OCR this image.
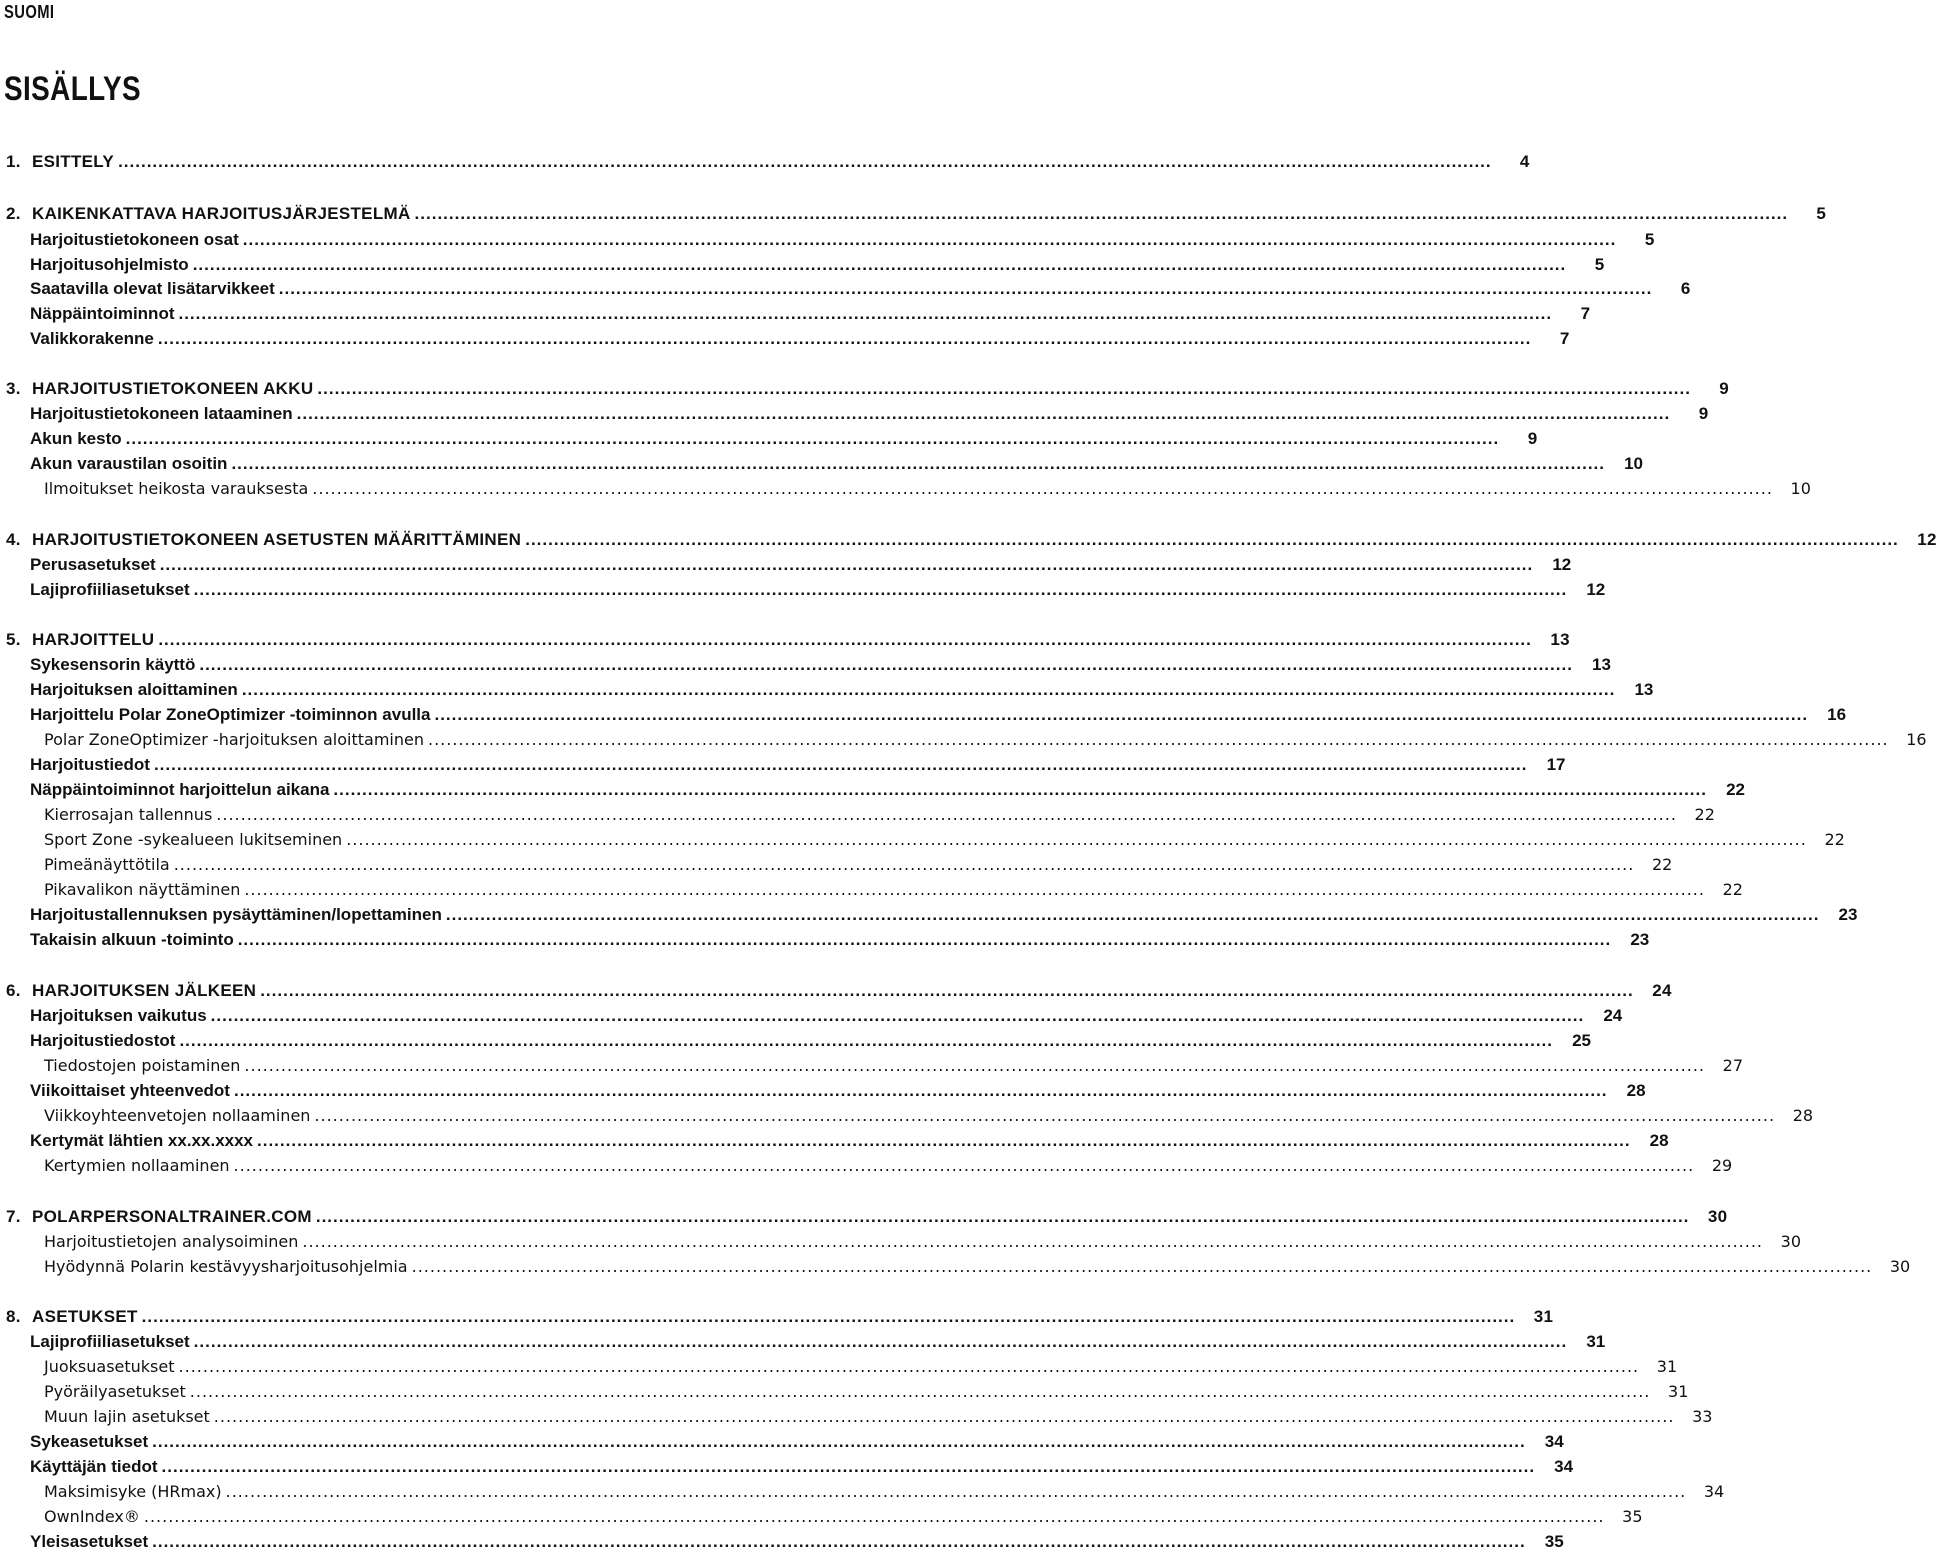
SUOMI
SISÄLLYS
1. ESITTELY .....	4
2. KAIKENKATTAVA HARJOITUSJÄRJESTELMÄ .....	5
Harjoitustietokoneen osat .....	5
Harjoitusohjelmisto .....	5
Saatavilla olevat lisätarvikkeet .....	6
Näppäintoiminnot .....	7
Valikkorakenne .....	7
3. HARJOITUSTIETOKONEEN AKKU .....	9
Harjoitustietokoneen lataaminen .....	9
Akun kesto .....	9
Akun varaustilan osoitin .....	10
Ilmoitukset heikosta varauksesta .....	10
4. HARJOITUSTIETOKONEEN ASETUSTEN MÄÄRITTÄMINEN .....	12
Perusasetukset .....	12
Lajiprofiiliasetukset .....	12
5. HARJOITTELU .....	13
Sykesensorin käyttö .....	13
Harjoituksen aloittaminen .....	13
Harjoittelu Polar ZoneOptimizer -toiminnon avulla .....	16
Polar ZoneOptimizer -harjoituksen aloittaminen .....	16
Harjoitustiedot .....	17
Näppäintoiminnot harjoittelun aikana .....	22
Kierrosajan tallennus .....	22
Sport Zone -sykealueen lukitseminen .....	22
Pimeänäyttötila .....	22
Pikavalikon näyttäminen .....	22
Harjoitustallennuksen pysäyttäminen/lopettaminen .....	23
Takaisin alkuun -toiminto .....	23
6. HARJOITUKSEN JÄLKEEN .....	24
Harjoituksen vaikutus .....	24
Harjoitustiedostot .....	25
Tiedostojen poistaminen .....	27
Viikoittaiset yhteenvedot .....	28
Viikkoyhteenvetojen nollaaminen .....	28
Kertymät lähtien xx.xx.xxxx .....	28
Kertymien nollaaminen .....	29
7. POLARPERSONALTRAINER.COM .....	30
Harjoitustietojen analysoiminen .....	30
Hyödynnä Polarin kestävyysharjoitusohjelmia .....	30
8. ASETUKSET .....	31
Lajiprofiiliasetukset .....	31
Juoksuasetukset .....	31
Pyöräilyasetukset .....	31
Muun lajin asetukset .....	33
Sykeasetukset .....	34
Käyttäjän tiedot .....	34
Maksimisyke (HRmax) .....	34
OwnIndex® .....	35
Yleisasetukset .....	35
